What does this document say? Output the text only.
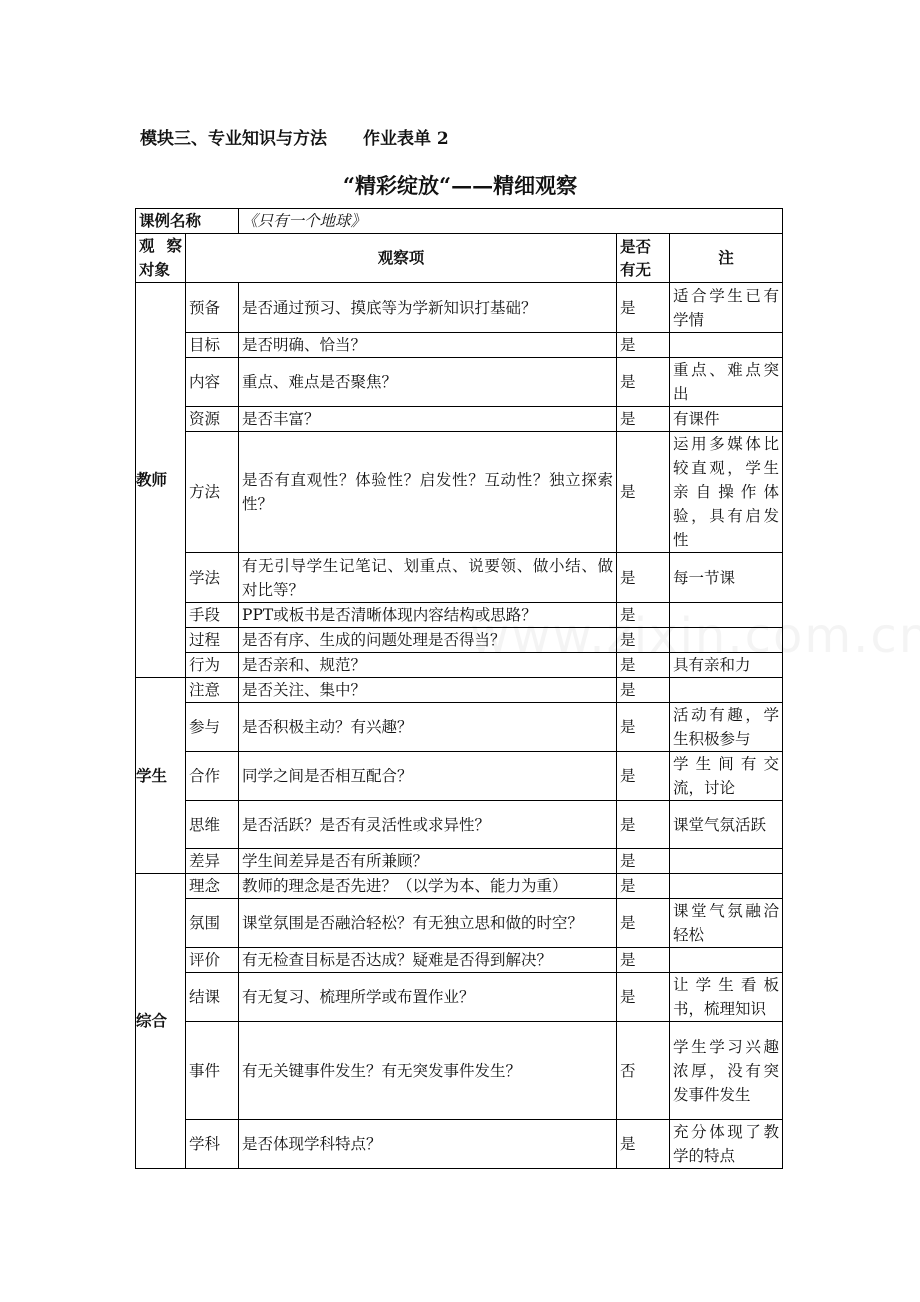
模块三、专业知识与方法 作业表单 2
“精彩绽放“——精细观察
课例名称		《只有一个地球》		
观 察对象	观察项		是否有无	注
教师	预备	是否通过预习、摸底等为学新知识打基础？	是	适合学生已有学情
	目标	是否明确、恰当？	是	
	内容	重点、难点是否聚焦？	是	重点、难点突出
	资源	是否丰富？	是	有课件
	方法	是否有直观性？体验性？启发性？互动性？独立探索性？	是	运用多媒体比较直观，学生亲自操作体验，具有启发性
	学法	有无引导学生记笔记、划重点、说要领、做小结、做对比等？	是	每一节课
	手段	PPT或板书是否清晰体现内容结构或思路？	是	
	过程	是否有序、生成的问题处理是否得当？	是	
	行为	是否亲和、规范？	是	具有亲和力
学生	注意	是否关注、集中？	是	
	参与	是否积极主动？有兴趣？	是	活动有趣，学生积极参与
	合作	同学之间是否相互配合？	是	学生间有交流，讨论
	思维	是否活跃？是否有灵活性或求异性？	是	课堂气氛活跃
	差异	学生间差异是否有所兼顾？	是	
综合	理念	教师的理念是否先进？（以学为本、能力为重）	是	
	氛围	课堂氛围是否融洽轻松？有无独立思和做的时空？	是	课堂气氛融洽轻松
	评价	有无检查目标是否达成？疑难是否得到解决？	是	
	结课	有无复习、梳理所学或布置作业？	是	让学生看板书，梳理知识
	事件	有无关键事件发生？有无突发事件发生？	否	学生学习兴趣浓厚，没有突发事件发生
	学科	是否体现学科特点？	是	充分体现了教学的特点
